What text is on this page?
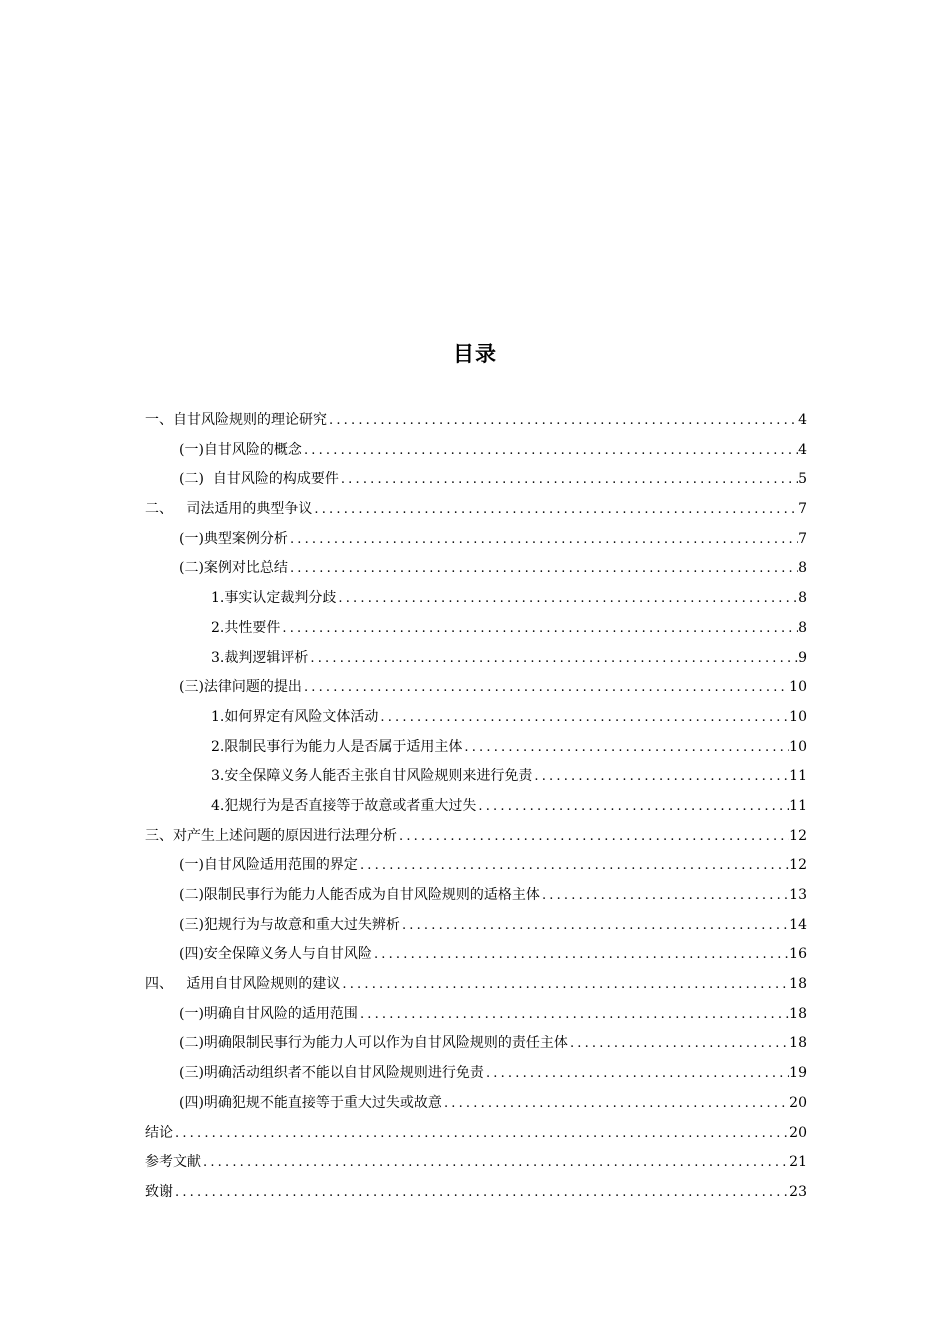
目录
一、自甘风险规则的理论研究 .....	4
(一)自甘风险的概念 .....	4
(二)  自甘风险的构成要件 .....	5
二、   司法适用的典型争议 .....	7
(一)典型案例分析 .....	7
(二)案例对比总结 .....	8
1.事实认定裁判分歧 .....	8
2.共性要件 .....	8
3.裁判逻辑评析 .....	9
(三)法律问题的提出 .....	10
1.如何界定有风险文体活动 .....	10
2.限制民事行为能力人是否属于适用主体 .....	10
3.安全保障义务人能否主张自甘风险规则来进行免责 .....	11
4.犯规行为是否直接等于故意或者重大过失 .....	11
三、对产生上述问题的原因进行法理分析 .....	12
(一)自甘风险适用范围的界定 .....	12
(二)限制民事行为能力人能否成为自甘风险规则的适格主体 .....	13
(三)犯规行为与故意和重大过失辨析 .....	14
(四)安全保障义务人与自甘风险 .....	16
四、   适用自甘风险规则的建议 .....	18
(一)明确自甘风险的适用范围 .....	18
(二)明确限制民事行为能力人可以作为自甘风险规则的责任主体 .....	18
(三)明确活动组织者不能以自甘风险规则进行免责 .....	19
(四)明确犯规不能直接等于重大过失或故意 .....	20
结论 .....	20
参考文献 .....	21
致谢 .....	23
